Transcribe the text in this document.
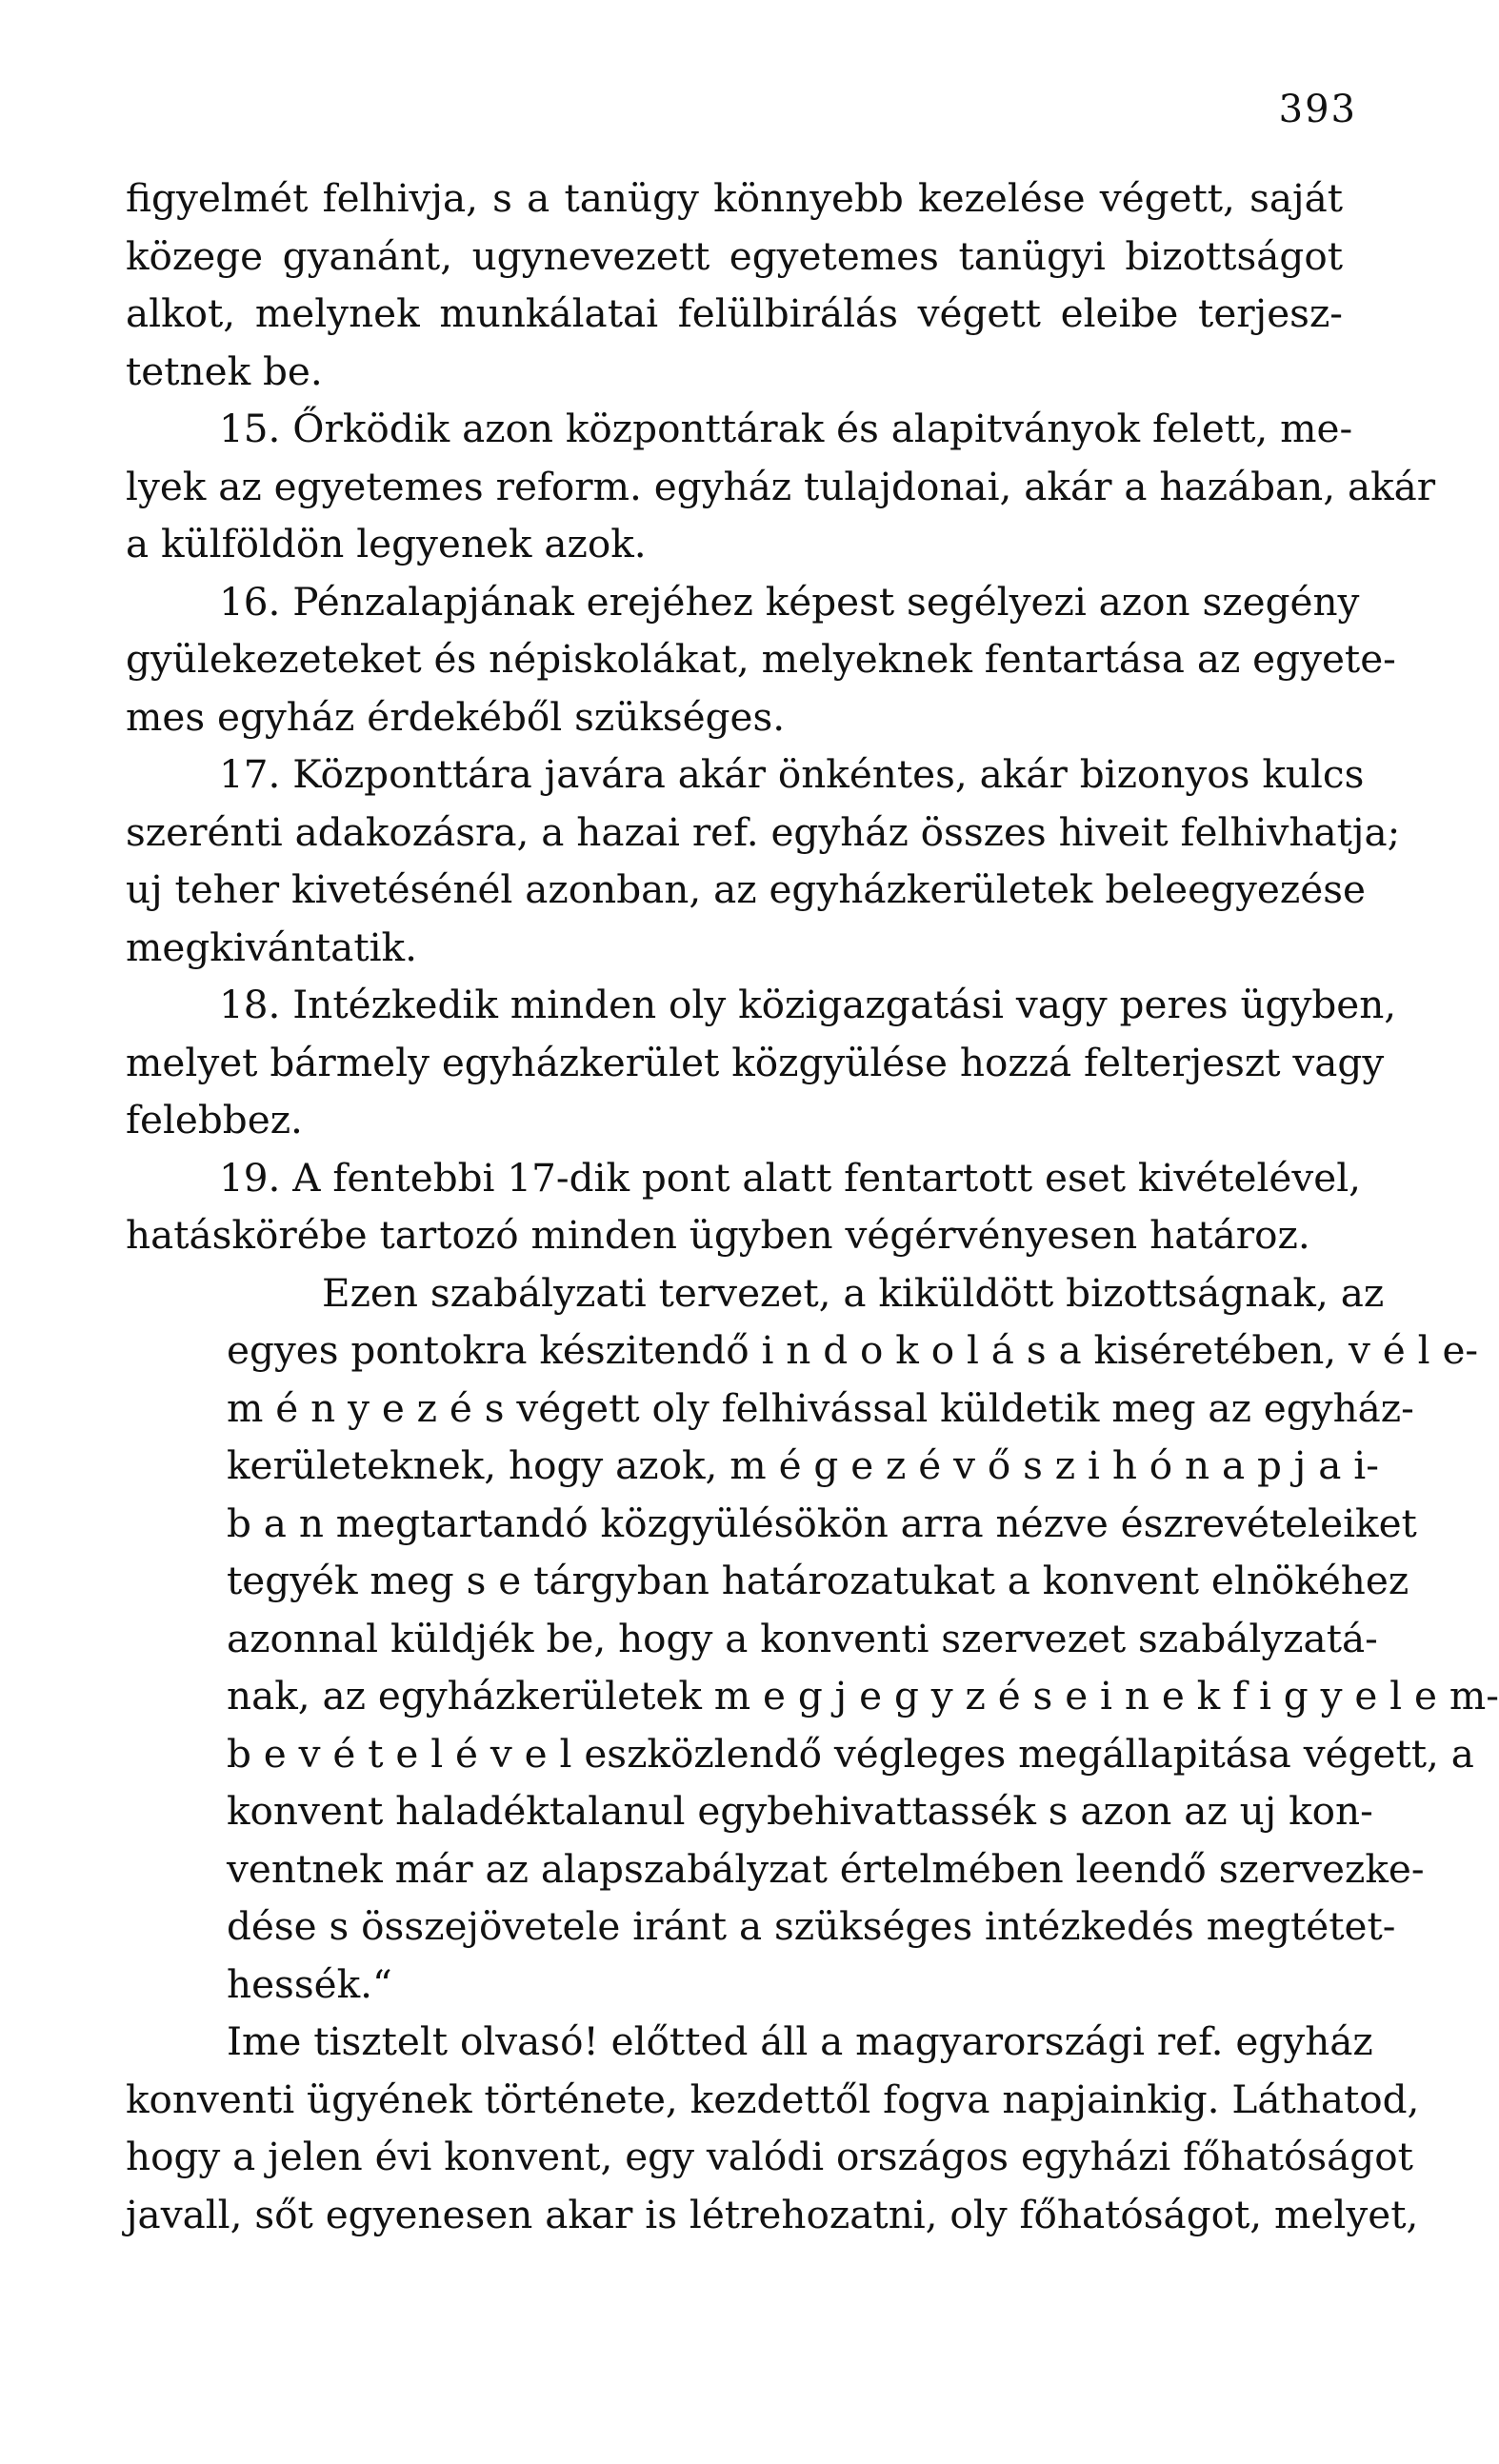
393
figyelmét felhivja, s a tanügy könnyebb kezelése végett, saját
közege gyanánt, ugynevezett egyetemes tanügyi bizottságot
alkot, melynek munkálatai felülbirálás végett eleibe terjesz-
tetnek be.
15. Őrködik azon központtárak és alapitványok felett, me-
lyek az egyetemes reform. egyház tulajdonai, akár a hazában, akár
a külföldön legyenek azok.
16. Pénzalapjának erejéhez képest segélyezi azon szegény
gyülekezeteket és népiskolákat, melyeknek fentartása az egyete-
mes egyház érdekéből szükséges.
17. Központtára javára akár önkéntes, akár bizonyos kulcs
szerénti adakozásra, a hazai ref. egyház összes hiveit felhivhatja;
uj teher kivetésénél azonban, az egyházkerületek beleegyezése
megkivántatik.
18. Intézkedik minden oly közigazgatási vagy peres ügyben,
melyet bármely egyházkerület közgyülése hozzá felterjeszt vagy
felebbez.
19. A fentebbi 17-dik pont alatt fentartott eset kivételével,
hatáskörébe tartozó minden ügyben végérvényesen határoz.
Ezen szabályzati tervezet, a kiküldött bizottságnak, az
egyes pontokra készitendő i n d o k o l á s a kiséretében, v é l e-
m é n y e z é s végett oly felhivással küldetik meg az egyház-
kerületeknek, hogy azok, m é g e z é v ő s z i h ó n a p j a i-
b a n megtartandó közgyülésökön arra nézve észrevételeiket
tegyék meg s e tárgyban határozatukat a konvent elnökéhez
azonnal küldjék be, hogy a konventi szervezet szabályzatá-
nak, az egyházkerületek m e g j e g y z é s e i n e k f i g y e l e m-
b e v é t e l é v e l eszközlendő végleges megállapitása végett, a
konvent haladéktalanul egybehivattassék s azon az uj kon-
ventnek már az alapszabályzat értelmében leendő szervezke-
dése s összejövetele iránt a szükséges intézkedés megtétet-
hessék.“
Ime tisztelt olvasó! előtted áll a magyarországi ref. egyház
konventi ügyének története, kezdettől fogva napjainkig. Láthatod,
hogy a jelen évi konvent, egy valódi országos egyházi főhatóságot
javall, sőt egyenesen akar is létrehozatni, oly főhatóságot, melyet,
